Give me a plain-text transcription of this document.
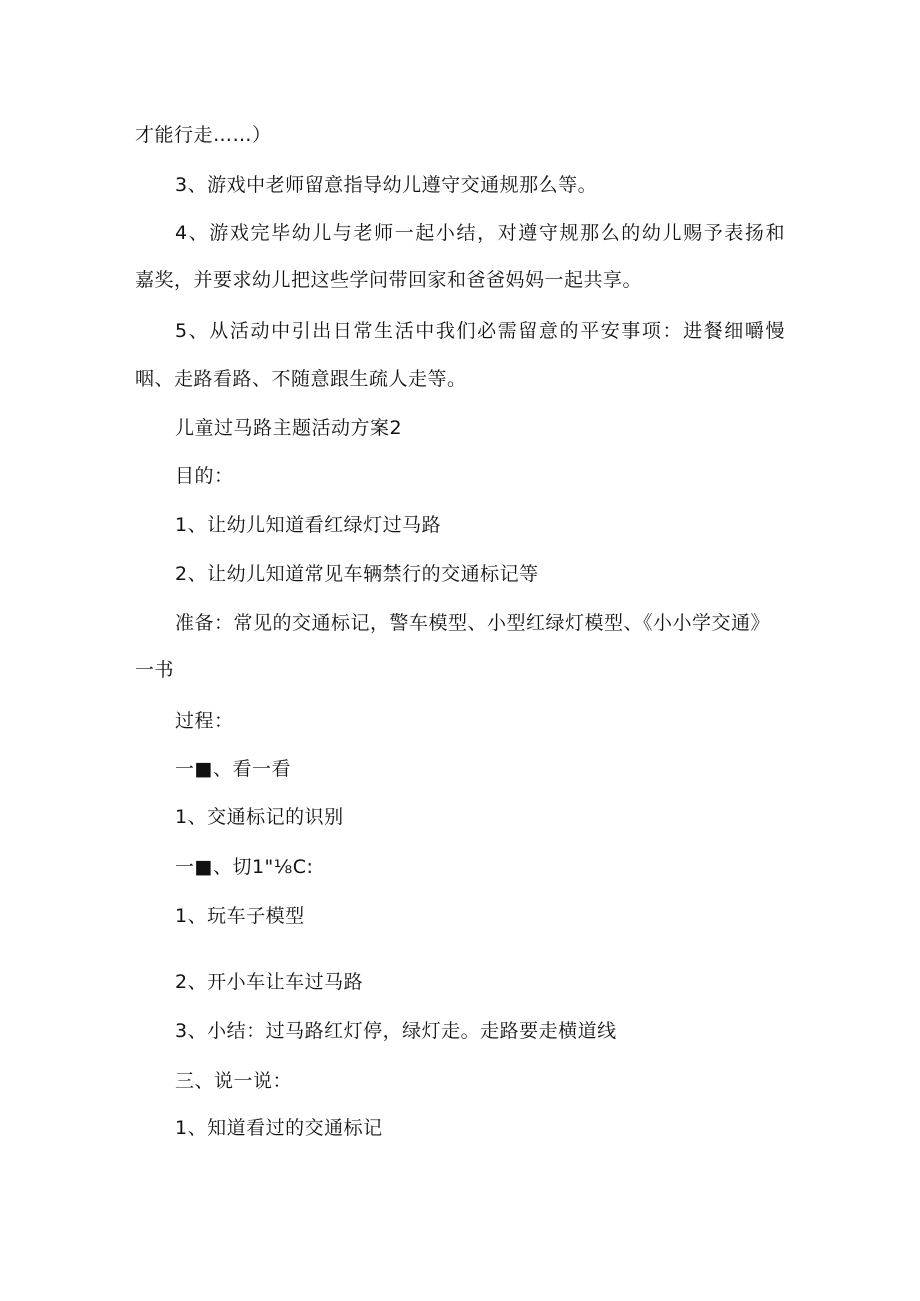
才能行走……）
3、游戏中老师留意指导幼儿遵守交通规那么等。
4、游戏完毕幼儿与老师一起小结，对遵守规那么的幼儿赐予表扬和
嘉奖，并要求幼儿把这些学问带回家和爸爸妈妈一起共享。
5、从活动中引出日常生活中我们必需留意的平安事项：进餐细嚼慢
咽、走路看路、不随意跟生疏人走等。
儿童过马路主题活动方案2
目的：
1、让幼儿知道看红绿灯过马路
2、让幼儿知道常见车辆禁行的交通标记等
准备：常见的交通标记，警车模型、小型红绿灯模型、《小小学交通》
一书
过程：
一■、看一看
1、交通标记的识别
一■、切1"⅛C:
1、玩车子模型
2、开小车让车过马路
3、小结：过马路红灯停，绿灯走。走路要走横道线
三、说一说：
1、知道看过的交通标记
